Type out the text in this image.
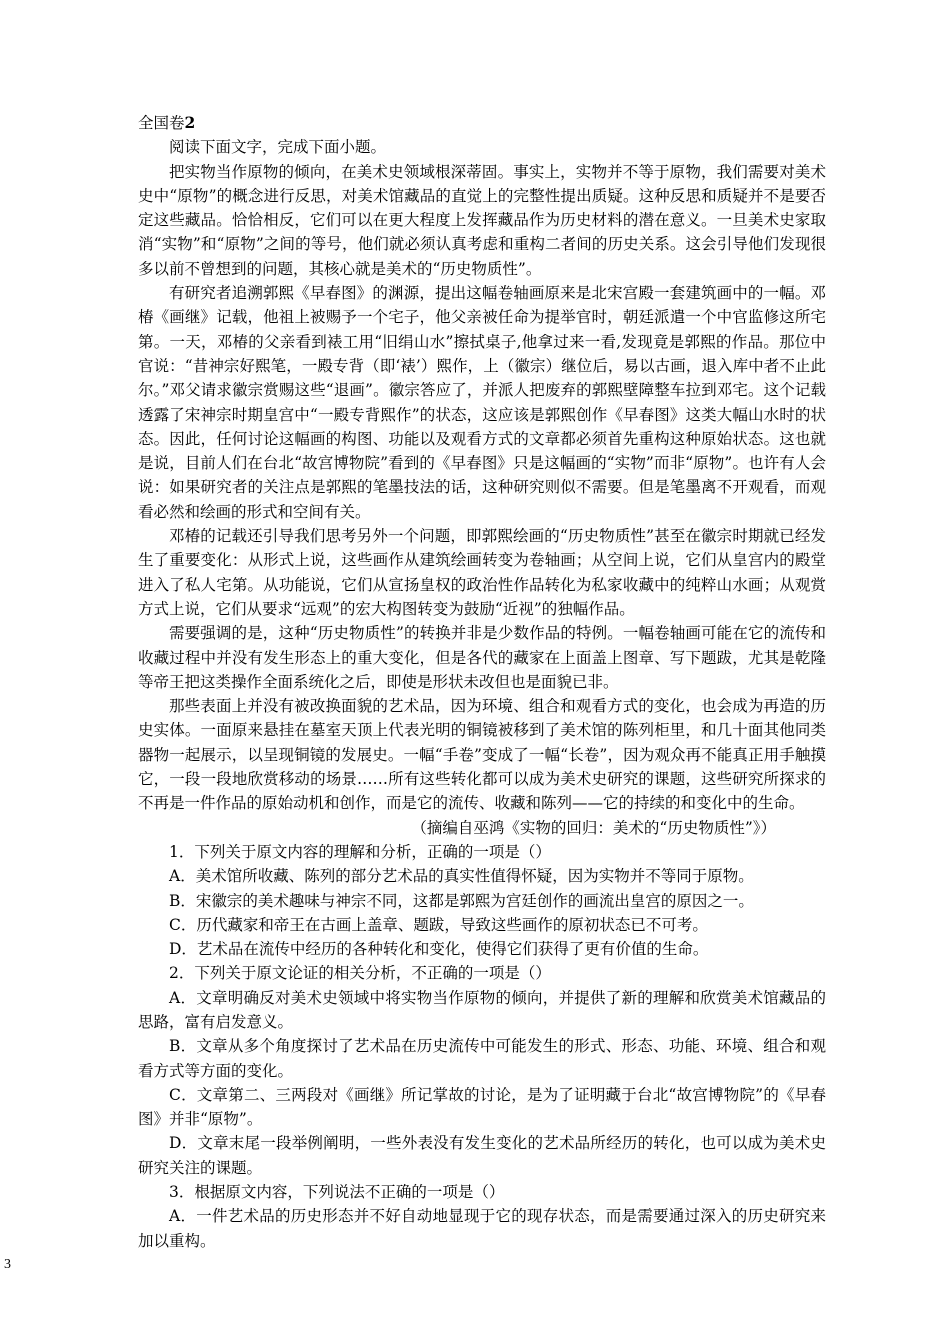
全国卷2

阅读下面文字，完成下面小题。

把实物当作原物的倾向，在美术史领域根深蒂固。事实上，实物并不等于原物，我们需要对美术史中“原物”的概念进行反思，对美术馆藏品的直觉上的完整性提出质疑。这种反思和质疑并不是要否定这些藏品。恰恰相反，它们可以在更大程度上发挥藏品作为历史材料的潜在意义。一旦美术史家取消“实物”和“原物”之间的等号，他们就必须认真考虑和重构二者间的历史关系。这会引导他们发现很多以前不曾想到的问题，其核心就是美术的“历史物质性”。

有研究者追溯郭熙《早春图》的渊源，提出这幅卷轴画原来是北宋宫殿一套建筑画中的一幅。邓椿《画继》记载，他祖上被赐予一个宅子，他父亲被任命为提举官时，朝廷派遣一个中官监修这所宅第。一天，邓椿的父亲看到裱工用“旧绢山水”擦拭桌子,他拿过来一看,发现竟是郭熙的作品。那位中官说：“昔神宗好熙笔，一殿专背（即‘裱’）熙作，上（徽宗）继位后，易以古画，退入库中者不止此尔。”邓父请求徽宗赏赐这些“退画”。徽宗答应了，并派人把废弃的郭熙壁障整车拉到邓宅。这个记载透露了宋神宗时期皇宫中“一殿专背熙作”的状态，这应该是郭熙创作《早春图》这类大幅山水时的状态。因此，任何讨论这幅画的构图、功能以及观看方式的文章都必须首先重构这种原始状态。这也就是说，目前人们在台北“故宫博物院”看到的《早春图》只是这幅画的“实物”而非“原物”。也许有人会说：如果研究者的关注点是郭熙的笔墨技法的话，这种研究则似不需要。但是笔墨离不开观看，而观看必然和绘画的形式和空间有关。

邓椿的记载还引导我们思考另外一个问题，即郭熙绘画的“历史物质性”甚至在徽宗时期就已经发生了重要变化：从形式上说，这些画作从建筑绘画转变为卷轴画；从空间上说，它们从皇宫内的殿堂进入了私人宅第。从功能说，它们从宣扬皇权的政治性作品转化为私家收藏中的纯粹山水画；从观赏方式上说，它们从要求“远观”的宏大构图转变为鼓励“近视”的独幅作品。

需要强调的是，这种“历史物质性”的转换并非是少数作品的特例。一幅卷轴画可能在它的流传和收藏过程中并没有发生形态上的重大变化，但是各代的藏家在上面盖上图章、写下题跋，尤其是乾隆等帝王把这类操作全面系统化之后，即使是形状未改但也是面貌已非。

那些表面上并没有被改换面貌的艺术品，因为环境、组合和观看方式的变化，也会成为再造的历史实体。一面原来悬挂在墓室天顶上代表光明的铜镜被移到了美术馆的陈列柜里，和几十面其他同类器物一起展示，以呈现铜镜的发展史。一幅“手卷”变成了一幅“长卷”，因为观众再不能真正用手触摸它，一段一段地欣赏移动的场景……所有这些转化都可以成为美术史研究的课题，这些研究所探求的不再是一件作品的原始动机和创作，而是它的流传、收藏和陈列——它的持续的和变化中的生命。

（摘编自巫鸿《实物的回归：美术的“历史物质性”》）

1．下列关于原文内容的理解和分析，正确的一项是（）

A．美术馆所收藏、陈列的部分艺术品的真实性值得怀疑，因为实物并不等同于原物。

B．宋徽宗的美术趣味与神宗不同，这都是郭熙为宫廷创作的画流出皇宫的原因之一。

C．历代藏家和帝王在古画上盖章、题跋，导致这些画作的原初状态已不可考。

D．艺术品在流传中经历的各种转化和变化，使得它们获得了更有价值的生命。

2．下列关于原文论证的相关分析，不正确的一项是（）

A．文章明确反对美术史领域中将实物当作原物的倾向，并提供了新的理解和欣赏美术馆藏品的思路，富有启发意义。

B．文章从多个角度探讨了艺术品在历史流传中可能发生的形式、形态、功能、环境、组合和观看方式等方面的变化。

C．文章第二、三两段对《画继》所记掌故的讨论，是为了证明藏于台北“故宫博物院”的《早春图》并非“原物”。

D．文章末尾一段举例阐明，一些外表没有发生变化的艺术品所经历的转化，也可以成为美术史研究关注的课题。

3．根据原文内容，下列说法不正确的一项是（）

A．一件艺术品的历史形态并不好自动地显现于它的现存状态，而是需要通过深入的历史研究来加以重构。

3
